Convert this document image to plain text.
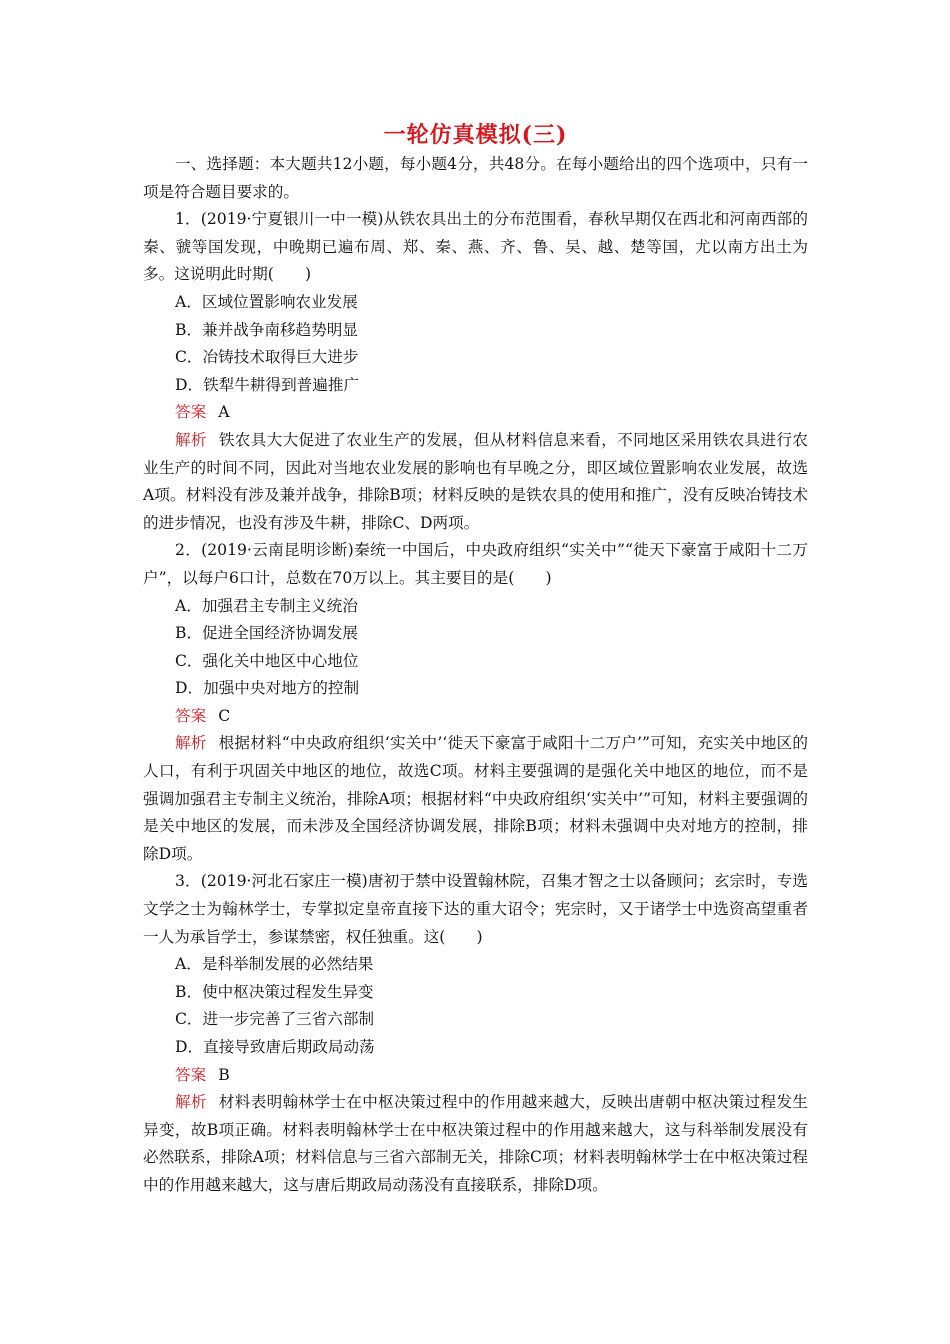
一轮仿真模拟(三)

一、选择题：本大题共12小题，每小题4分，共48分。在每小题给出的四个选项中，只有一项是符合题目要求的。

1．(2019·宁夏银川一中一模)从铁农具出土的分布范围看，春秋早期仅在西北和河南西部的秦、虢等国发现，中晚期已遍布周、郑、秦、燕、齐、鲁、吴、越、楚等国，尤以南方出土为多。这说明此时期(　　)

A．区域位置影响农业发展

B．兼并战争南移趋势明显

C．冶铸技术取得巨大进步

D．铁犁牛耕得到普遍推广

答案 A

解析 铁农具大大促进了农业生产的发展，但从材料信息来看，不同地区采用铁农具进行农业生产的时间不同，因此对当地农业发展的影响也有早晚之分，即区域位置影响农业发展，故选A项。材料没有涉及兼并战争，排除B项；材料反映的是铁农具的使用和推广，没有反映冶铸技术的进步情况，也没有涉及牛耕，排除C、D两项。

2．(2019·云南昆明诊断)秦统一中国后，中央政府组织“实关中”“徙天下豪富于咸阳十二万户”，以每户6口计，总数在70万以上。其主要目的是(　　)

A．加强君主专制主义统治

B．促进全国经济协调发展

C．强化关中地区中心地位

D．加强中央对地方的控制

答案 C

解析 根据材料“中央政府组织‘实关中’‘徙天下豪富于咸阳十二万户’”可知，充实关中地区的人口，有利于巩固关中地区的地位，故选C项。材料主要强调的是强化关中地区的地位，而不是强调加强君主专制主义统治，排除A项；根据材料“中央政府组织‘实关中’”可知，材料主要强调的是关中地区的发展，而未涉及全国经济协调发展，排除B项；材料未强调中央对地方的控制，排除D项。

3．(2019·河北石家庄一模)唐初于禁中设置翰林院，召集才智之士以备顾问；玄宗时，专选文学之士为翰林学士，专掌拟定皇帝直接下达的重大诏令；宪宗时，又于诸学士中选资高望重者一人为承旨学士，参谋禁密，权任独重。这(　　)

A．是科举制发展的必然结果

B．使中枢决策过程发生异变

C．进一步完善了三省六部制

D．直接导致唐后期政局动荡

答案 B

解析 材料表明翰林学士在中枢决策过程中的作用越来越大，反映出唐朝中枢决策过程发生异变，故B项正确。材料表明翰林学士在中枢决策过程中的作用越来越大，这与科举制发展没有必然联系，排除A项；材料信息与三省六部制无关，排除C项；材料表明翰林学士在中枢决策过程中的作用越来越大，这与唐后期政局动荡没有直接联系，排除D项。
